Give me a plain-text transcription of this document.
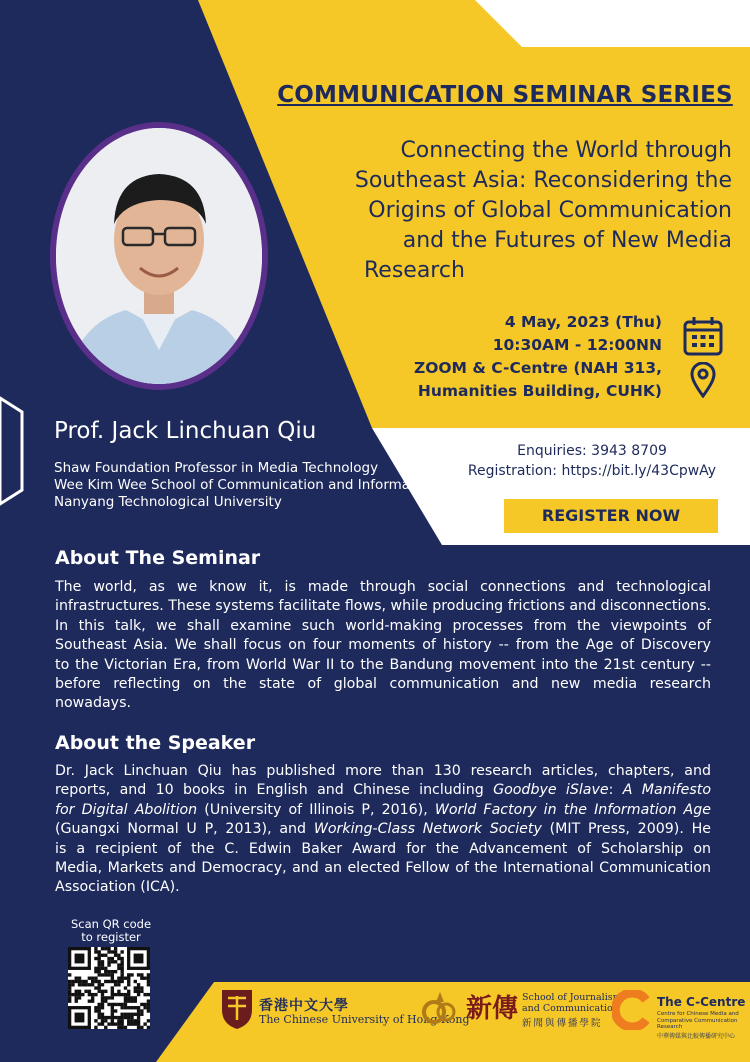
COMMUNICATION SEMINAR SERIES
Connecting the World through
Southeast Asia: Reconsidering the
Origins of Global Communication
and the Futures of New Media
Research
4 May, 2023 (Thu)
10:30AM - 12:00NN
ZOOM & C-Centre (NAH 313,
Humanities Building, CUHK)
Prof. Jack Linchuan Qiu
Shaw Foundation Professor in Media Technology
Wee Kim Wee School of Communication and Information
Nanyang Technological University
Enquiries: 3943 8709
Registration: https://bit.ly/43CpwAy
REGISTER NOW
About The Seminar
The world, as we know it, is made through social connections and technological
infrastructures. These systems facilitate flows, while producing frictions and disconnections.
In this talk, we shall examine such world-making processes from the viewpoints of
Southeast Asia. We shall focus on four moments of history -- from the Age of Discovery
to the Victorian Era, from World War II to the Bandung movement into the 21st century --
before reflecting on the state of global communication and new media research
nowadays.
About the Speaker
Dr. Jack Linchuan Qiu has published more than 130 research articles, chapters, and
reports, and 10 books in English and Chinese including Goodbye iSlave: A Manifesto
for Digital Abolition (University of Illinois P, 2016), World Factory in the Information Age
(Guangxi Normal U P, 2013), and Working-Class Network Society (MIT Press, 2009). He
is a recipient of the C. Edwin Baker Award for the Advancement of Scholarship on
Media, Markets and Democracy, and an elected Fellow of the International Communication
Association (ICA).
Scan QR code
to register
香港中文大學
The Chinese University of Hong Kong
新傳 School of Journalism
and Communication
新聞與傳播學院
The C-Centre
Centre for Chinese Media and Comparative Communication Research
中華傳媒與比較傳播研究中心
